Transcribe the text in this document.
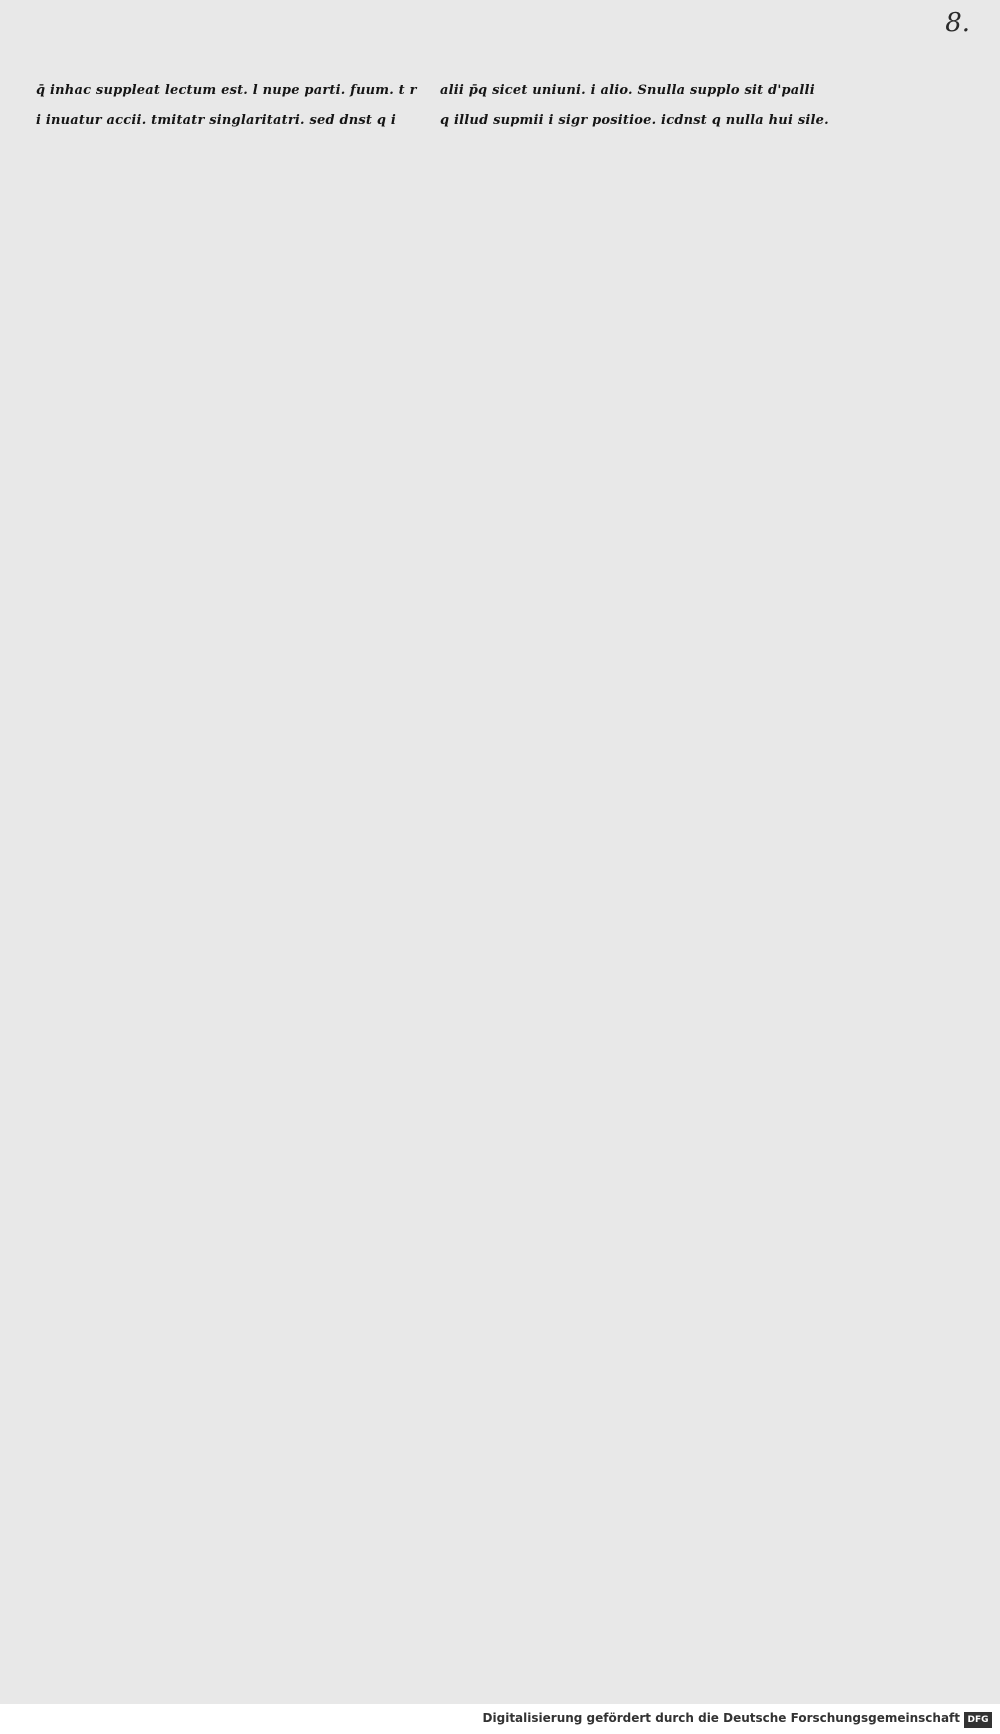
8.
q̄ inhac suppleat lectum est. l nupe parti. fuum. t r
i inuatur accii. tmitatr singlaritatri. sed dnst q i
alii p̄q sicet uniuni. i alio. Snulla supplo sit d'palli
q illud supmii i sigr positioe. icdnst q nulla hui sile.
Digitalisierung gefördert durch die Deutsche Forschungsgemeinschaft DFG
